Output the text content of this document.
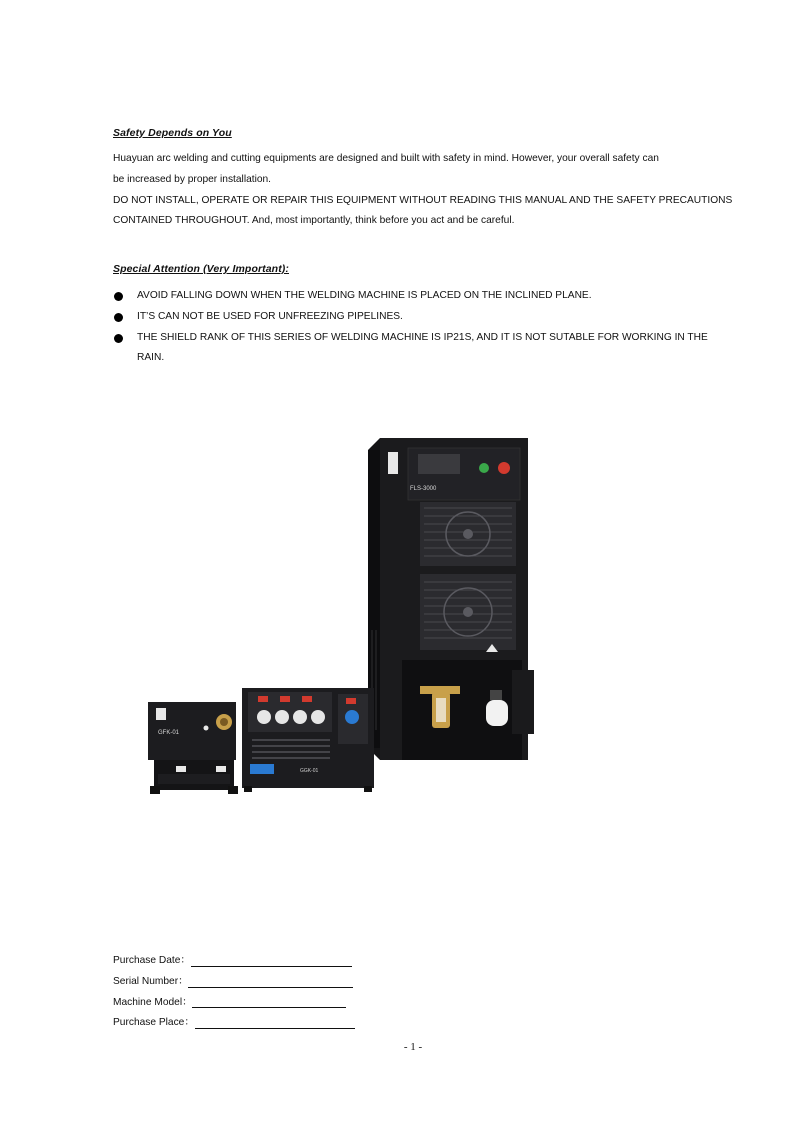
Safety Depends on You
Huayuan arc welding and cutting equipments are designed and built with safety in mind. However, your overall safety can
be increased by proper installation.
DO NOT INSTALL, OPERATE OR REPAIR THIS EQUIPMENT WITHOUT READING THIS MANUAL AND THE SAFETY PRECAUTIONS
CONTAINED THROUGHOUT. And, most importantly, think before you act and be careful.
Special Attention (Very Important):
AVOID FALLING DOWN WHEN THE WELDING MACHINE IS PLACED ON THE INCLINED PLANE.
IT’S CAN NOT BE USED FOR UNFREEZING PIPELINES.
THE SHIELD RANK OF THIS SERIES OF WELDING MACHINE IS IP21S, AND IT IS NOT SUTABLE FOR WORKING IN THE
RAIN.
FLS-3000
GGK-01
GFK-01
Purchase Date：
Serial Number：
Machine Model：
Purchase Place：
- 1 -
